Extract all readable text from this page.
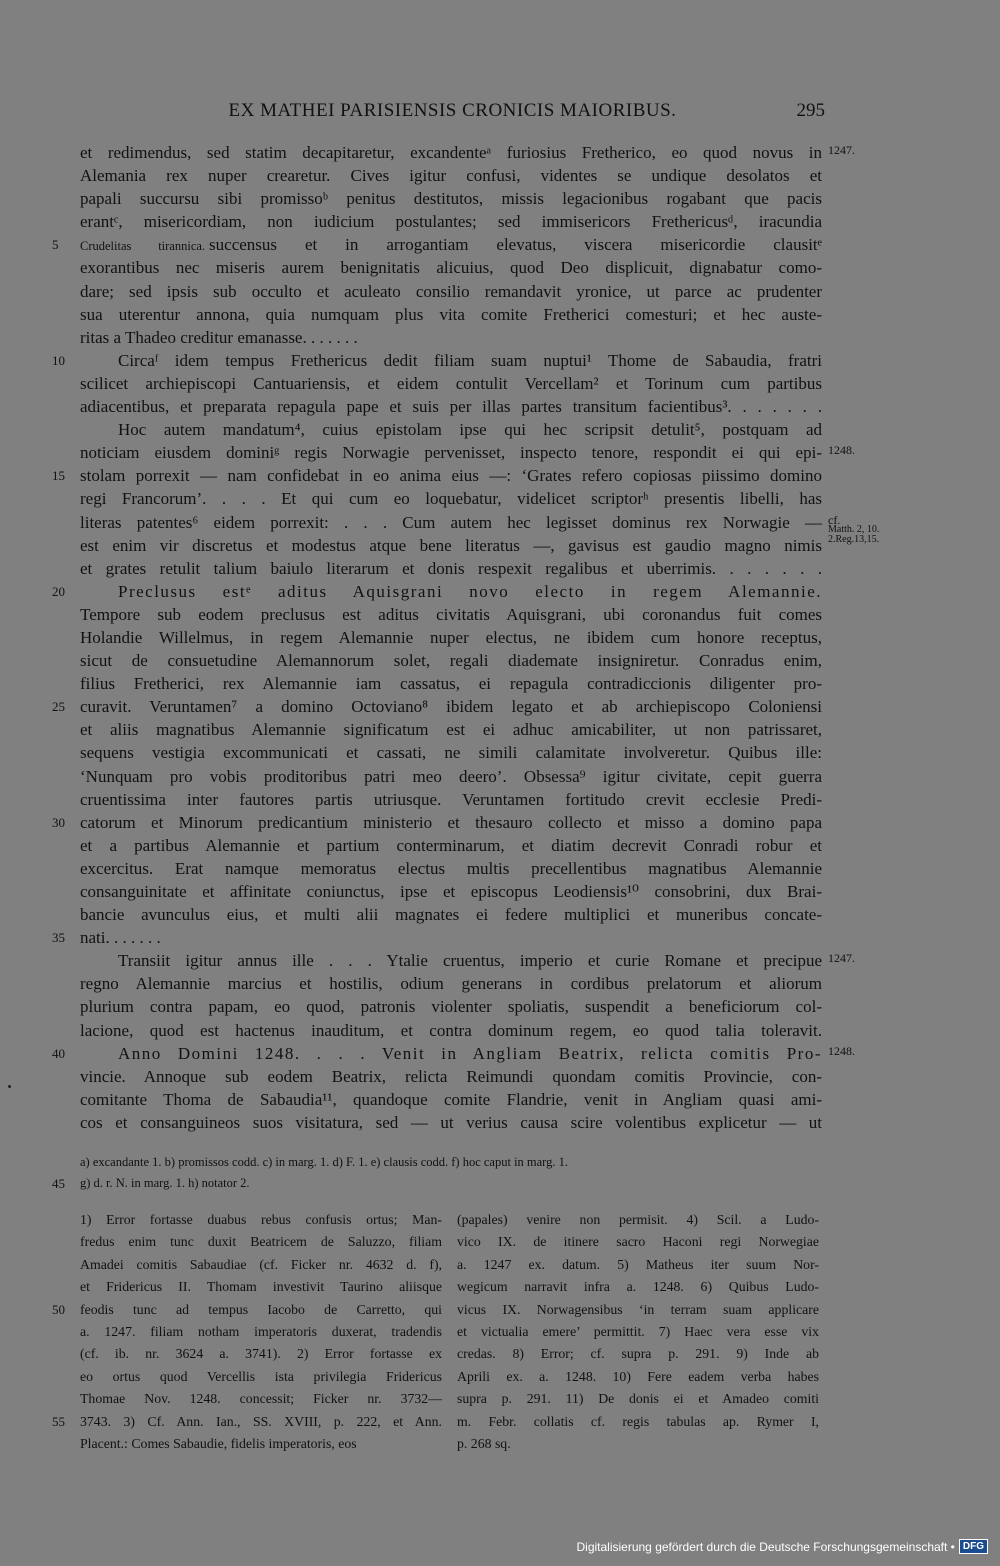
EX MATHEI PARISIENSIS CRONICIS MAIORIBUS.	295
et redimendus, sed statim decapitaretur, excandenteᵃ furiosius Fretherico, eo quod novus in 1247.
Alemania rex nuper crearetur. Cives igitur confusi, videntes se undique desolatos et
papali succursu sibi promissoᵇ penitus destitutos, missis legacionibus rogabant que pacis
erantᶜ, misericordiam, non iudicium postulantes; sed immisericors Frethericusᵈ, iracundia
5	Crudelitas tirannica. succensus et in arrogantiam elevatus, viscera misericordie clausitᵉ
exorantibus nec miseris aurem benignitatis alicuius, quod Deo displicuit, dignabatur como-
dare; sed ipsis sub occulto et aculeato consilio remandavit yronice, ut parce ac prudenter
sua uterentur annona, quia numquam plus vita comite Fretherici comesturi; et hec auste-
ritas a Thadeo creditur emanasse. . . . . . .
10	Circaᶠ idem tempus Frethericus dedit filiam suam nuptui¹ Thome de Sabaudia, fratri
scilicet archiepiscopi Cantuariensis, et eidem contulit Vercellam² et Torinum cum partibus
adiacentibus, et preparata repagula pape et suis per illas partes transitum facientibus³. . . . . . .
Hoc autem mandatum⁴, cuius epistolam ipse qui hec scripsit detulit⁵, postquam ad
noticiam eiusdem dominiᵍ regis Norwagie pervenisset, inspecto tenore, respondit ei qui epi- 1248.
15 stolam porrexit — nam confidebat in eo anima eius —: ‘Grates refero copiosas piissimo domino
regi Francorum’. . . . Et qui cum eo loquebatur, videlicet scriptorʰ presentis libelli, has
literas patentes⁶ eidem porrexit: . . . Cum autem hec legisset dominus rex Norwagie — cf.
est enim vir discretus et modestus atque bene literatus —, gavisus est gaudio magno nimis
Matth. 2, 10.
2.Reg.13,15.
et grates retulit talium baiulo literarum et donis respexit regalibus et uberrimis. . . . . . .
20	Preclusus estᵉ aditus Aquisgrani novo electo in regem Alemannie.
Tempore sub eodem preclusus est aditus civitatis Aquisgrani, ubi coronandus fuit comes
Holandie Willelmus, in regem Alemannie nuper electus, ne ibidem cum honore receptus,
sicut de consuetudine Alemannorum solet, regali diademate insigniretur. Conradus enim,
filius Fretherici, rex Alemannie iam cassatus, ei repagula contradiccionis diligenter pro-
25 curavit. Veruntamen⁷ a domino Octoviano⁸ ibidem legato et ab archiepiscopo Coloniensi
et aliis magnatibus Alemannie significatum est ei adhuc amicabiliter, ut non patrissaret,
sequens vestigia excommunicati et cassati, ne simili calamitate involveretur. Quibus ille:
‘Nunquam pro vobis proditoribus patri meo deero’. Obsessa⁹ igitur civitate, cepit guerra
cruentissima inter fautores partis utriusque. Veruntamen fortitudo crevit ecclesie Predi-
30 catorum et Minorum predicantium ministerio et thesauro collecto et misso a domino papa
et a partibus Alemannie et partium conterminarum, et diatim decrevit Conradi robur et
excercitus. Erat namque memoratus electus multis precellentibus magnatibus Alemannie
consanguinitate et affinitate coniunctus, ipse et episcopus Leodiensis¹⁰ consobrini, dux Brai-
bancie avunculus eius, et multi alii magnates ei federe multiplici et muneribus concate-
35 nati. . . . . . .
Transiit igitur annus ille . . . Ytalie cruentus, imperio et curie Romane et precipue 1247.
regno Alemannie marcius et hostilis, odium generans in cordibus prelatorum et aliorum
plurium contra papam, eo quod, patronis violenter spoliatis, suspendit a beneficiorum col-
lacione, quod est hactenus inauditum, et contra dominum regem, eo quod talia toleravit.
40	Anno Domini 1248. . . . Venit in Angliam Beatrix, relicta comitis Pro- 1248.
vincie. Annoque sub eodem Beatrix, relicta Reimundi quondam comitis Provincie, con-
comitante Thoma de Sabaudia¹¹, quandoque comite Flandrie, venit in Angliam quasi ami-
cos et consanguineos suos visitatura, sed — ut verius causa scire volentibus explicetur — ut
a) excandante 1. b) promissos codd. c) in marg. 1. d) F. 1. e) clausis codd. f) hoc caput in marg. 1.
45	g) d. r. N. in marg. 1. h) notator 2.
1) Error fortasse duabus rebus confusis ortus; Man-
fredus enim tunc duxit Beatricem de Saluzzo, filiam
Amadei comitis Sabaudiae (cf. Ficker nr. 4632 d. f),
et Fridericus II. Thomam investivit Taurino aliisque
50	feodis tunc ad tempus Iacobo de Carretto, qui
a. 1247. filiam notham imperatoris duxerat, tradendis
(cf. ib. nr. 3624 a. 3741). 2) Error fortasse ex
eo ortus quod Vercellis ista privilegia Fridericus
Thomae Nov. 1248. concessit; Ficker nr. 3732—
55	3743. 3) Cf. Ann. Ian., SS. XVIII, p. 222, et Ann.
Placent.: Comes Sabaudie, fidelis imperatoris, eos
(papales) venire non permisit. 4) Scil. a Ludo-
vico IX. de itinere sacro Haconi regi Norwegiae
a. 1247 ex. datum. 5) Matheus iter suum Nor-
wegicum narravit infra a. 1248. 6) Quibus Ludo-
vicus IX. Norwagensibus ‘in terram suam applicare
et victualia emere’ permittit. 7) Haec vera esse vix
credas. 8) Error; cf. supra p. 291. 9) Inde ab
Aprili ex. a. 1248. 10) Fere eadem verba habes
supra p. 291. 11) De donis ei et Amadeo comiti
m. Febr. collatis cf. regis tabulas ap. Rymer I,
p. 268 sq.
Digitalisierung gefördert durch die Deutsche Forschungsgemeinschaft • DFG
